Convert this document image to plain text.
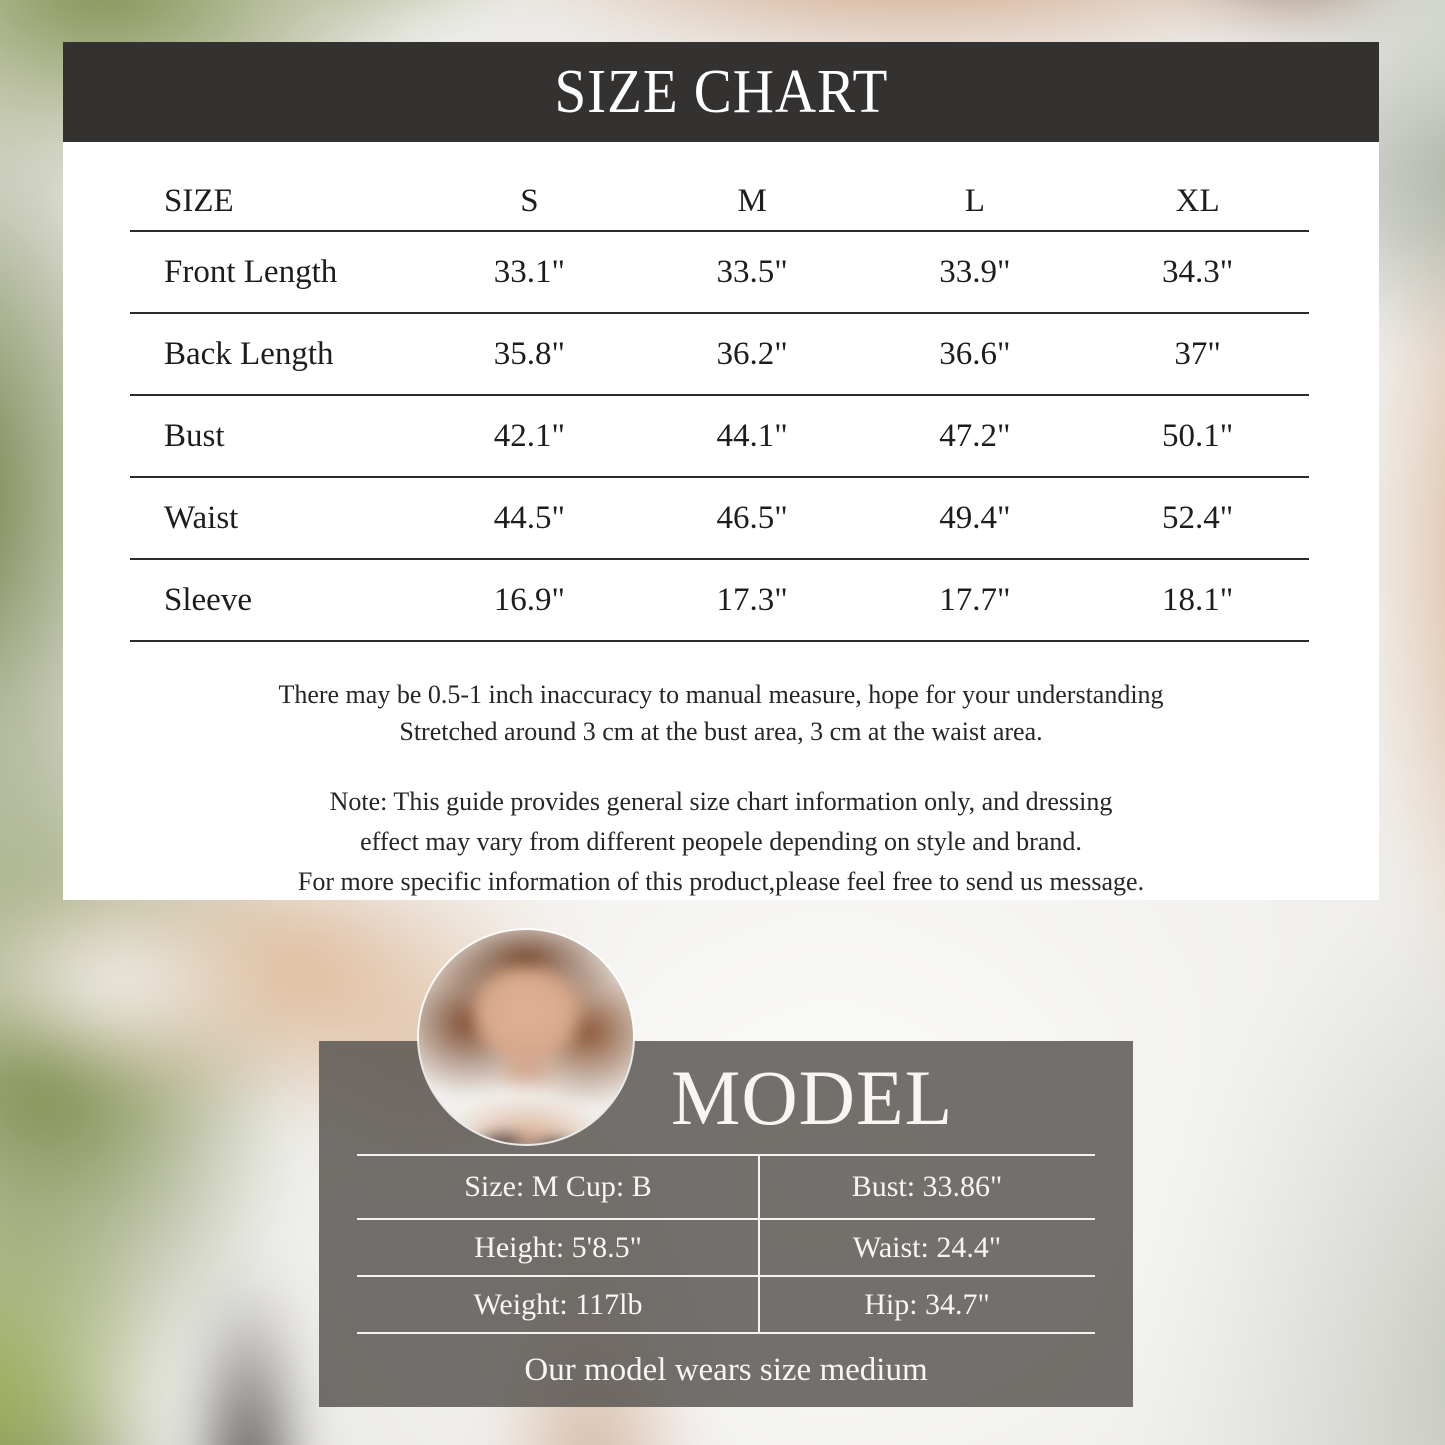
SIZE CHART
SIZE	S	M	L	XL
Front Length	33.1"	33.5"	33.9"	34.3"
Back Length	35.8"	36.2"	36.6"	37"
Bust	42.1"	44.1"	47.2"	50.1"
Waist	44.5"	46.5"	49.4"	52.4"
Sleeve	16.9"	17.3"	17.7"	18.1"

There may be 0.5-1 inch inaccuracy to manual measure, hope for your understanding
Stretched around 3 cm at the bust area, 3 cm at the waist area.

Note: This guide provides general size chart information only, and dressing
effect may vary from different peopele depending on style and brand.
For more specific information of this product,please feel free to send us message.

MODEL
Size: M Cup: B	Bust: 33.86"
Height: 5'8.5"	Waist: 24.4"
Weight: 117lb	Hip: 34.7"
Our model wears size medium
